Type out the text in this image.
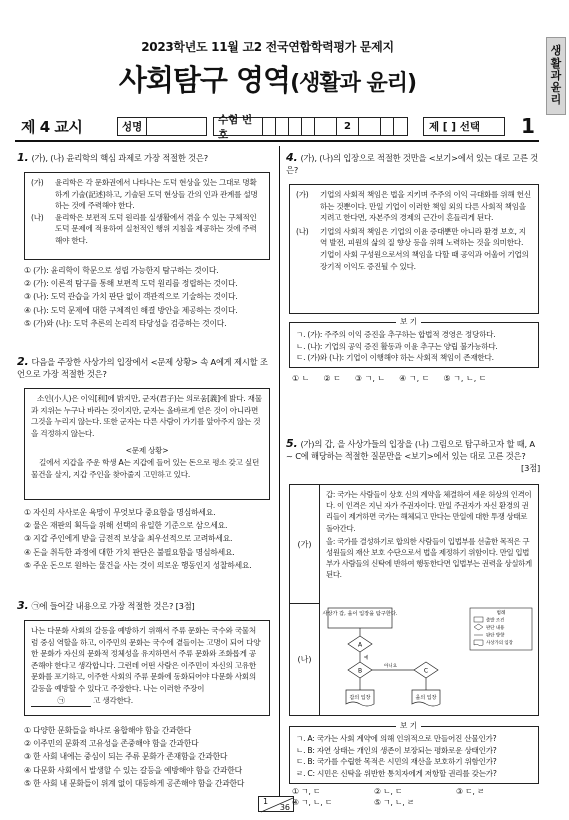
2023학년도 11월 고2 전국연합학력평가 문제지
사회탐구 영역(생활과 윤리)
생
활
과
윤
리
제 4 교시	성명
수험 번호
2	제 [ ] 선택 1
1. (가), (나) 윤리학의 핵심 과제로 가장 적절한 것은?
(가)	윤리학은 각 문화권에서 나타나는 도덕 현상을 있는 그대로 명확하게 기술(記述)하고, 기술된 도덕 현상들 간의 인과 관계를 설명하는 것에 주력해야 한다.
(나)	윤리학은 보편적 도덕 원리를 실생활에서 겪을 수 있는 구체적인 도덕 문제에 적용하여 실천적인 행위 지침을 제공하는 것에 주력해야 한다.
① (가): 윤리학이 학문으로 성립 가능한지 탐구하는 것이다.
② (가): 이론적 탐구를 통해 보편적 도덕 원리를 정립하는 것이다.
③ (나): 도덕 관습을 가치 판단 없이 객관적으로 기술하는 것이다.
④ (나): 도덕 문제에 대한 구체적인 해결 방안을 제공하는 것이다.
⑤ (가)와 (나): 도덕 추론의 논리적 타당성을 검증하는 것이다.
2. 다음을 주장한 사상가의 입장에서 <문제 상황> 속 A에게 제시할 조언으로 가장 적절한 것은?
소인(小人)은 이익[利]에 밝지만, 군자(君子)는 의로움[義]에 밝다. 재물과 지위는 누구나 바라는 것이지만, 군자는 올바르게 얻은 것이 아니라면 그것을 누리지 않는다. 또한 군자는 다른 사람이 가기를 앞아주지 않는 것을 걱정하지 않는다.
<문제 상황>
길에서 지갑을 주운 학생 A는 지갑에 들어 있는 돈으로 평소 갖고 싶던 물건을 살지, 지갑 주인을 찾아줄지 고민하고 있다.
① 자신의 사사로운 욕망이 무엇보다 중요함을 명심하세요.
② 물은 재판의 획득을 위해 선택의 유일한 기준으로 삼으세요.
③ 지갑 주인에게 받을 금전적 보상을 최우선적으로 고려하세요.
④ 돈을 취득한 과정에 대한 가치 판단은 불필요함을 명심하세요.
⑤ 주운 돈으로 원하는 물건을 사는 것이 의로운 행동인지 성찰하세요.
3. ㉠에 들어갈 내용으로 가장 적절한 것은? [3점]
나는 다문화 사회의 갈등을 예방하기 위해서 주류 문화는 국수와 국물처럼 중심 역할을 하고, 이주민의 문화는 국수에 곁들이는 고명이 되어 다양한 문화가 자신의 문화적 정체성을 유지하면서 주류 문화와 조화롭게 공존해야 한다고 생각합니다. 그런데 어떤 사람은 이주민이 자신의 고유한 문화를 포기하고, 이주한 사회의 주류 문화에 동화되어야 다문화 사회의 갈등을 예방할 수 있다고 주장한다. 나는 이러한 주장이 ㉠	고 생각한다.
① 다양한 문화들을 하나로 융합해야 함을 간과한다
② 이주민의 문화적 고유성을 존중해야 함을 간과한다
③ 한 사회 내에는 중심이 되는 주류 문화가 존재함을 간과한다
④ 다문화 사회에서 발생할 수 있는 갈등을 예방해야 함을 간과한다
⑤ 한 사회 내 문화들이 위계 없이 대등하게 공존해야 함을 간과한다
4. (가), (나)의 입장으로 적절한 것만을 <보기>에서 있는 대로 고른 것은?
(가)	기업의 사회적 책임은 법을 지키며 주주의 이익 극대화를 위해 헌신하는 것뿐이다. 만일 기업이 이러한 책임 외의 다른 사회적 책임을 지려고 한다면, 자본주의 경제의 근간이 흔들리게 된다.
(나)	기업의 사회적 책임은 기업의 이윤 증대뿐만 아니라 환경 보호, 지역 발전, 피원의 삶의 질 향상 등을 위해 노력하는 것을 의미한다. 기업이 사회 구성원으로서의 책임을 다할 때 공익과 어울어 기업의 장기적 이익도 증진될 수 있다.
ㄱ. (가): 주주의 이익 증진을 추구하는 합법적 경영은 정당하다.
ㄴ. (나): 기업의 공익 증진 활동과 이윤 추구는 양립 불가능하다.
ㄷ. (가)와 (나): 기업이 이행해야 하는 사회적 책임이 존재한다.
보 기
① ㄴ ② ㄷ ③ ㄱ, ㄴ ④ ㄱ, ㄷ ⑤ ㄱ, ㄴ, ㄷ
5. (가)의 갑, 을 사상가들의 입장을 (나) 그림으로 탐구하고자 할 때, A ~ C에 해당하는 적절한 질문만을 <보기>에서 있는 대로 고른 것은?
[3점]
(가)
갑: 국가는 사람들이 상호 신의 계약을 체결하여 세운 허상의 인격이다. 이 인격은 지닌 자가 주권자이다. 만일 주권자가 자신 환경의 권리들이 제거하면 국가는 해체되고 만다는 만일에 대한 투쟁 상태로 돌아간다.
을: 국가를 결성하기로 합의한 사람들이 입법부를 선출한 목적은 구성원들의 재산 보호 수단으로서 법을 제정하기 위함이다. 만일 입법부가 사람들의 신탁에 반하여 행동한다면 입법부는 권력을 상실하게 된다.
(나)
사상가 갑, 을이 입장을 탐구한다.
A
예
B
아니요
C
갑의 입장	을의 입장
범례
출발 조건
판단 내용
판단 방향
사상가의 입장
ㄱ. A: 국가는 사회 계약에 의해 인위적으로 만들어진 산물인가?
ㄴ. B: 자연 상태는 개인의 생존이 보장되는 평화로운 상태인가?
ㄷ. B: 국가를 수립한 목적은 시민의 재산을 보호하기 위함인가?
ㄹ. C: 시민은 신탁을 위반한 통치자에게 저항할 권리를 갖는가?
보 기
① ㄱ, ㄷ	② ㄴ, ㄷ	③ ㄷ, ㄹ
④ ㄱ, ㄴ, ㄷ	⑤ ㄱ, ㄴ, ㄹ
1
36
